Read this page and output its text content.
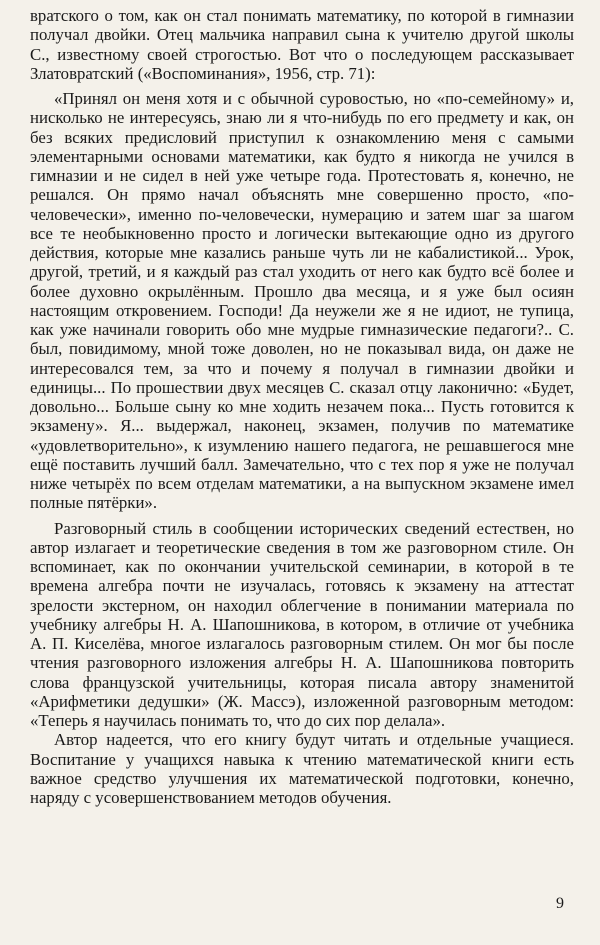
вратского о том, как он стал понимать математику, по которой в гимназии получал двойки. Отец мальчика направил сына к учителю другой школы С., известному своей строгостью. Вот что о последующем рассказывает Златовратский («Воспоминания», 1956, стр. 71):

«Принял он меня хотя и с обычной суровостью, но «по-семейному» и, нисколько не интересуясь, знаю ли я что-нибудь по его предмету и как, он без всяких предисловий приступил к ознакомлению меня с самыми элементарными основами математики, как будто я никогда не учился в гимназии и не сидел в ней уже четыре года. Протестовать я, конечно, не решался. Он прямо начал объяснять мне совершенно просто, «по-человечески», именно по-человечески, нумерацию и затем шаг за шагом все те необыкновенно просто и логически вытекающие одно из другого действия, которые мне казались раньше чуть ли не кабалистикой... Урок, другой, третий, и я каждый раз стал уходить от него как будто всё более и более духовно окрылённым. Прошло два месяца, и я уже был осиян настоящим откровением. Господи! Да неужели же я не идиот, не тупица, как уже начинали говорить обо мне мудрые гимназические педагоги?.. С. был, повидимому, мной тоже доволен, но не показывал вида, он даже не интересовался тем, за что и почему я получал в гимназии двойки и единицы... По прошествии двух месяцев С. сказал отцу лаконично: «Будет, довольно... Больше сыну ко мне ходить незачем пока... Пусть готовится к экзамену». Я... выдержал, наконец, экзамен, получив по математике «удовлетворительно», к изумлению нашего педагога, не решавшегося мне ещё поставить лучший балл. Замечательно, что с тех пор я уже не получал ниже четырёх по всем отделам математики, а на выпускном экзамене имел полные пятёрки».

Разговорный стиль в сообщении исторических сведений естествен, но автор излагает и теоретические сведения в том же разговорном стиле. Он вспоминает, как по окончании учительской семинарии, в которой в те времена алгебра почти не изучалась, готовясь к экзамену на аттестат зрелости экстерном, он находил облегчение в понимании материала по учебнику алгебры Н. А. Шапошникова, в котором, в отличие от учебника А. П. Киселёва, многое излагалось разговорным стилем. Он мог бы после чтения разговорного изложения алгебры Н. А. Шапошникова повторить слова французской учительницы, которая писала автору знаменитой «Арифметики дедушки» (Ж. Массэ), изложенной разговорным методом: «Теперь я научилась понимать то, что до сих пор делала».

Автор надеется, что его книгу будут читать и отдельные учащиеся. Воспитание у учащихся навыка к чтению математической книги есть важное средство улучшения их математической подготовки, конечно, наряду с усовершенствованием методов обучения.

9
